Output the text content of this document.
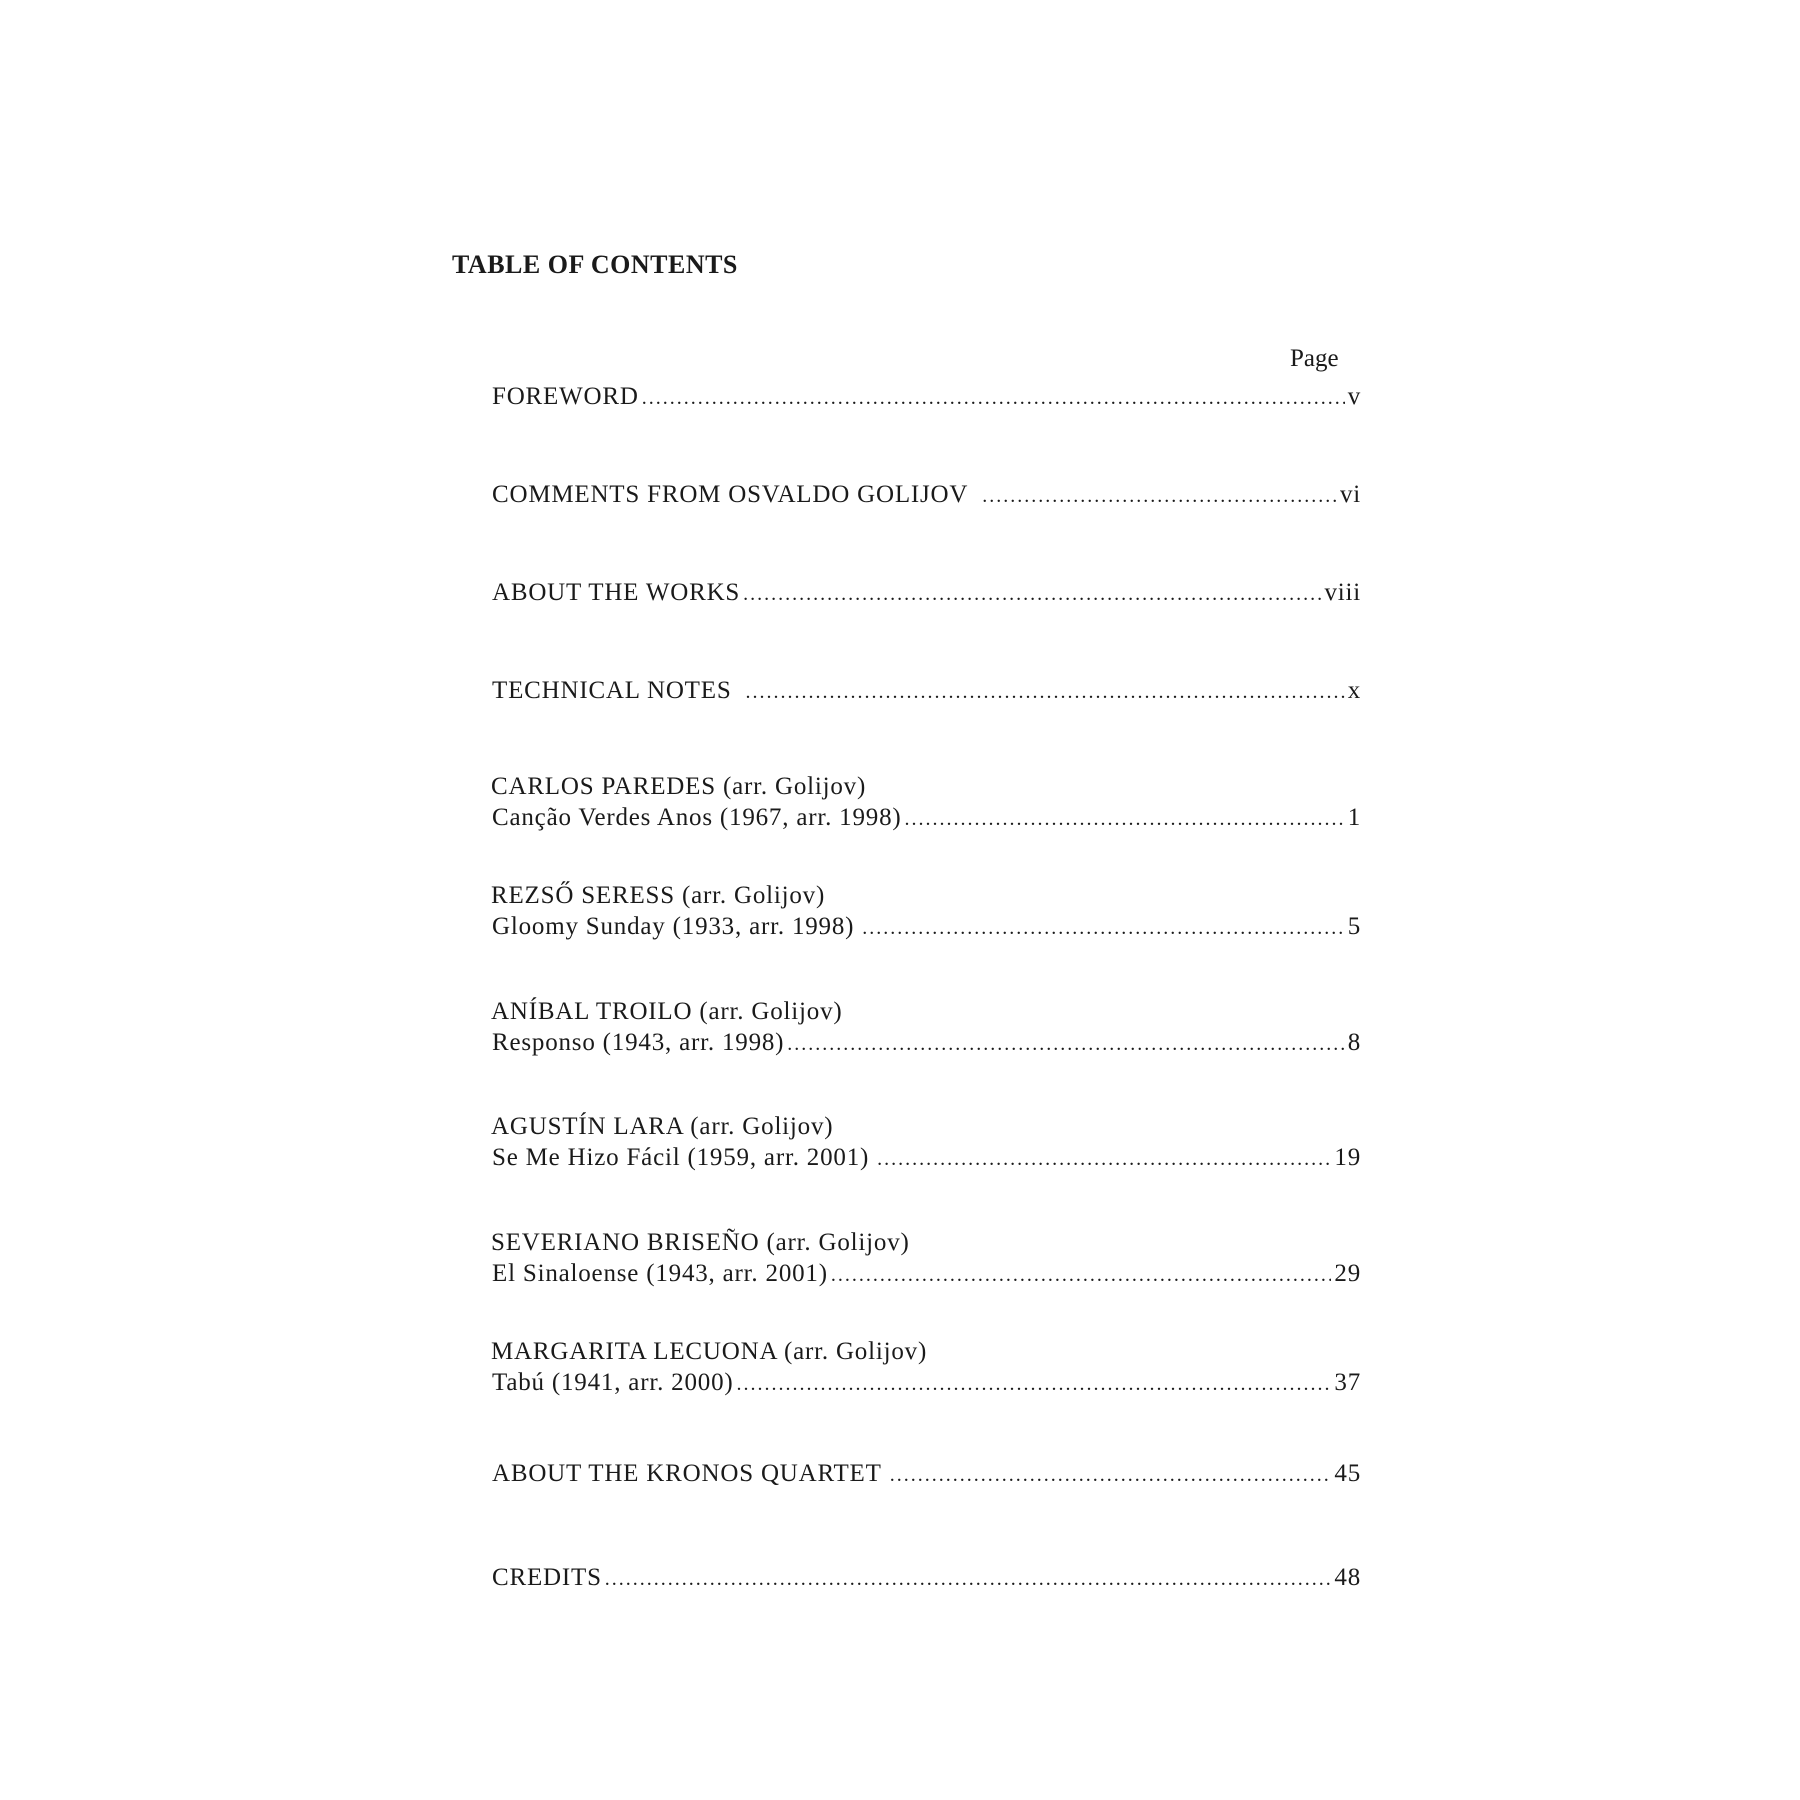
TABLE OF CONTENTS
Page
FOREWORD .....	v
COMMENTS FROM OSVALDO GOLIJOV .....	vi
ABOUT THE WORKS .....	viii
TECHNICAL NOTES .....	x
CARLOS PAREDES (arr. Golijov)
Canção Verdes Anos (1967, arr. 1998) .....	1
REZSŐ SERESS (arr. Golijov)
Gloomy Sunday (1933, arr. 1998) .....	5
ANÍBAL TROILO (arr. Golijov)
Responso (1943, arr. 1998) .....	8
AGUSTÍN LARA (arr. Golijov)
Se Me Hizo Fácil (1959, arr. 2001) .....	19
SEVERIANO BRISEÑO (arr. Golijov)
El Sinaloense (1943, arr. 2001) .....	29
MARGARITA LECUONA (arr. Golijov)
Tabú (1941, arr. 2000) .....	37
ABOUT THE KRONOS QUARTET .....	45
CREDITS .....	48
